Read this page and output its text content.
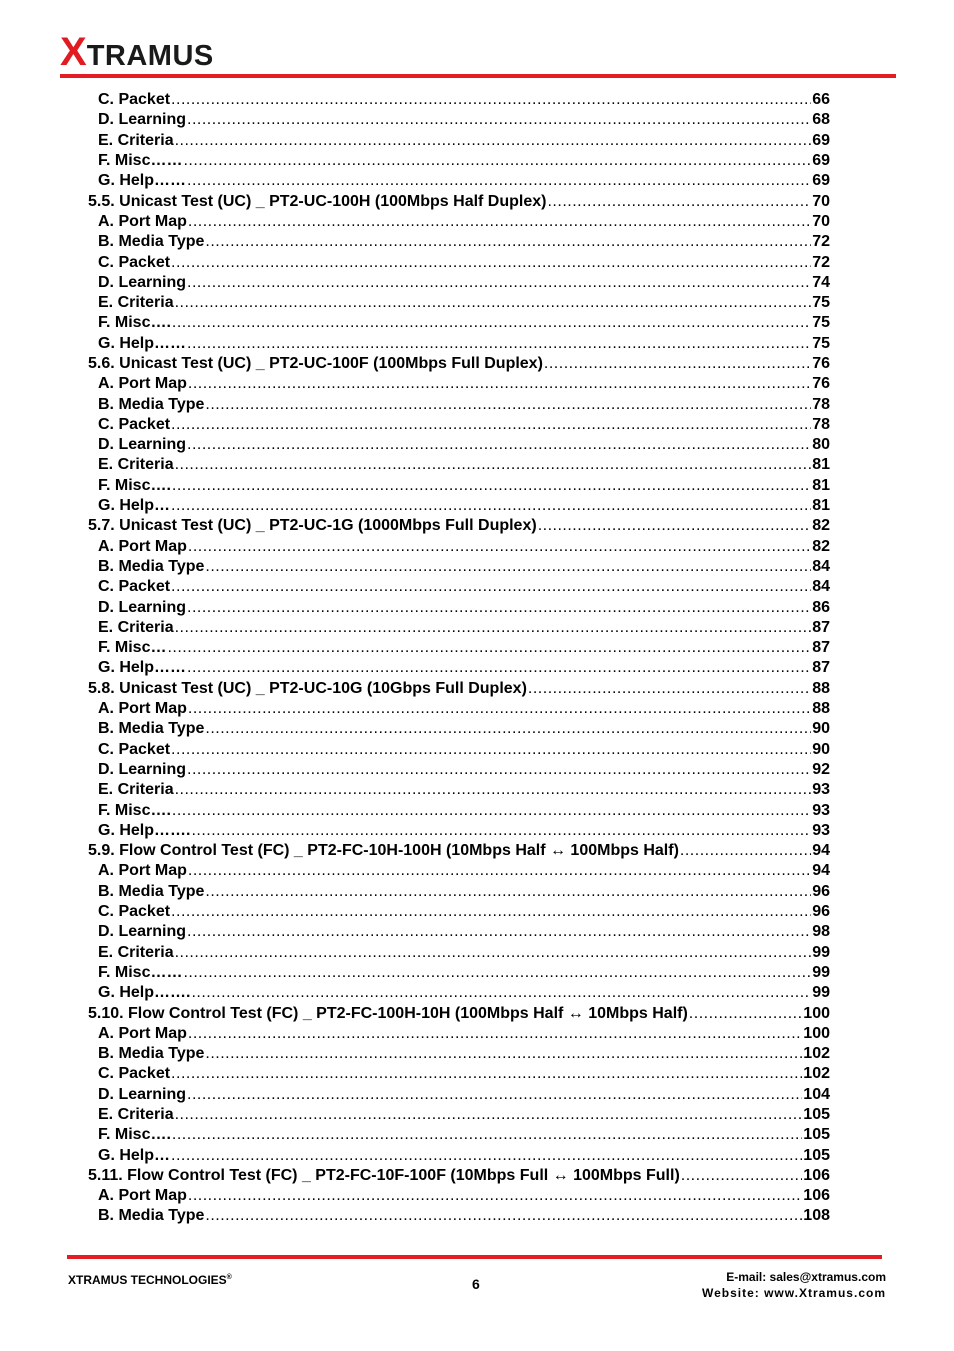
X TRAMUS
C. Packet .....	66
D. Learning .....	68
E. Criteria .....	69
F. Misc…… .....	69
G. Help…… .....	69
5.5. Unicast Test (UC) _ PT2-UC-100H (100Mbps Half Duplex) .....	70
A. Port Map .....	70
B. Media Type .....	72
C. Packet .....	72
D. Learning .....	74
E. Criteria .....	75
F. Misc…. .....	75
G. Help…… .....	75
5.6. Unicast Test (UC) _ PT2-UC-100F (100Mbps Full Duplex) .....	76
A. Port Map .....	76
B. Media Type .....	78
C. Packet .....	78
D. Learning .....	80
E. Criteria .....	81
F. Misc…. .....	81
G. Help… .....	81
5.7. Unicast Test (UC) _ PT2-UC-1G (1000Mbps Full Duplex) .....	82
A. Port Map .....	82
B. Media Type .....	84
C. Packet .....	84
D. Learning .....	86
E. Criteria .....	87
F. Misc… .....	87
G. Help…… .....	87
5.8. Unicast Test (UC) _ PT2-UC-10G (10Gbps Full Duplex) .....	88
A. Port Map .....	88
B. Media Type .....	90
C. Packet .....	90
D. Learning .....	92
E. Criteria .....	93
F. Misc…. .....	93
G. Help……. .....	93
5.9. Flow Control Test (FC) _ PT2-FC-10H-100H (10Mbps Half ↔ 100Mbps Half) .....	94
A. Port Map .....	94
B. Media Type .....	96
C. Packet .....	96
D. Learning .....	98
E. Criteria .....	99
F. Misc…… .....	99
G. Help……. .....	99
5.10. Flow Control Test (FC) _ PT2-FC-100H-10H (100Mbps Half ↔ 10Mbps Half) .....	100
A. Port Map .....	100
B. Media Type .....	102
C. Packet .....	102
D. Learning .....	104
E. Criteria .....	105
F. Misc…. .....	105
G. Help… .....	105
5.11. Flow Control Test (FC) _ PT2-FC-10F-100F (10Mbps Full ↔ 100Mbps Full) .....	106
A. Port Map .....	106
B. Media Type .....	108
XTRAMUS TECHNOLOGIES®	6	E-mail: sales@xtramus.com
Website: www.Xtramus.com
